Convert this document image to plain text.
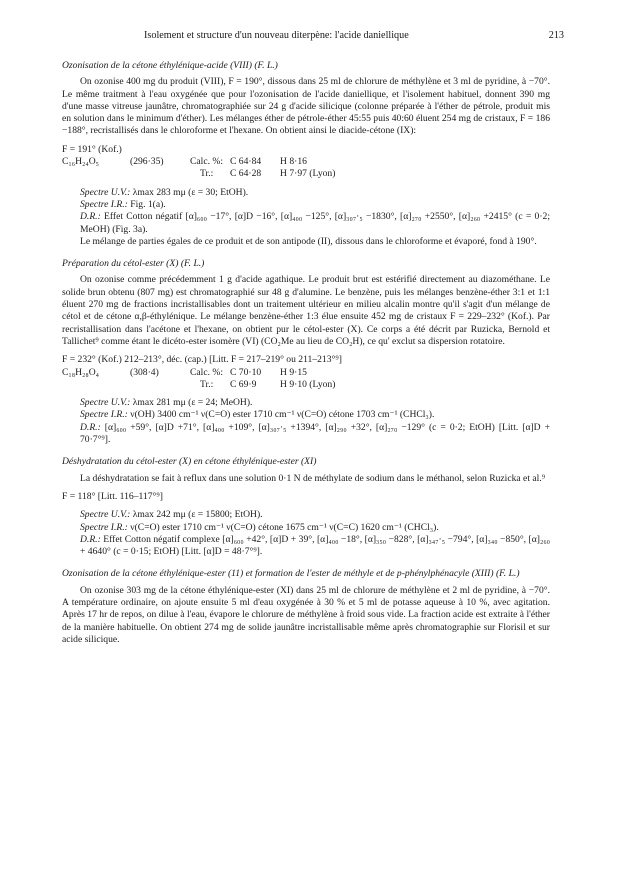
Isolement et structure d'un nouveau diterpène: l'acide daniellique	213
Ozonisation de la cétone éthylénique-acide (VIII) (F. L.)

On ozonise 400 mg du produit (VIII), F = 190°, dissous dans 25 ml de chlorure de méthylène et 3 ml de pyridine, à −70°. Le même traitment à l'eau oxygénée que pour l'ozonisation de l'acide daniellique, et l'isolement habituel, donnent 390 mg d'une masse vitreuse jaunâtre, chromatographiée sur 24 g d'acide silicique (colonne préparée à l'éther de pétrole, produit mis en solution dans le minimum d'éther). Les mélanges éther de pétrole-éther 45:55 puis 40:60 éluent 254 mg de cristaux, F = 186 −188°, recristallisés dans le chloroforme et l'hexane. On obtient ainsi le diacide-cétone (IX):

F = 191° (Kof.)
C₁₆H₂₄O₅	(296·35)	Calc. %: C 64·84	H 8·16
Tr.:	C 64·28	H 7·97 (Lyon)

Spectre U.V.: λmax 283 mμ (ε = 30; EtOH).

Spectre I.R.: Fig. 1(a).

D.R.: Effet Cotton négatif [α]₆₀₀ −17°, [α]D −16°, [α]₄₀₀ −125°, [α]₃₀₇·₅ −1830°, [α]₂₇₀ +2550°, [α]₂₆₀ +2415° (c = 0·2; MeOH) (Fig. 3a).

Le mélange de parties égales de ce produit et de son antipode (II), dissous dans le chloroforme et évaporé, fond à 190°.

Préparation du cétol-ester (X) (F. L.)

On ozonise comme précédemment 1 g d'acide agathique. Le produit brut est estérifié directement au diazométhane. Le solide brun obtenu (807 mg) est chromatographié sur 48 g d'alumine. Le benzène, puis les mélanges benzène-éther 3:1 et 1:1 éluent 270 mg de fractions incristallisables dont un traitement ultérieur en milieu alcalin montre qu'il s'agit d'un mélange de cétol et de cétone α,β-éthylénique. Le mélange benzène-éther 1:3 élue ensuite 452 mg de cristaux F = 229–232° (Kof.). Par recristallisation dans l'acétone et l'hexane, on obtient pur le cétol-ester (X). Ce corps a été décrit par Ruzicka, Bernold et Tallichet⁹ comme étant le dicéto-ester isomère (VI) (CO₂Me au lieu de CO₂H), ce qu' exclut sa dispersion rotatoire.

F = 232° (Kof.) 212–213°, déc. (cap.) [Litt. F = 217–219° ou 211–213°⁹]
C₁₈H₂₈O₄	(308·4)	Calc. %: C 70·10	H 9·15
Tr.:	C 69·9	H 9·10 (Lyon)

Spectre U.V.: λmax 281 mμ (ε = 24; MeOH).

Spectre I.R.: ν(OH) 3400 cm⁻¹ ν(C=O) ester 1710 cm⁻¹ ν(C=O) cétone 1703 cm⁻¹ (CHCl₃).

D.R.: [α]₆₀₀ +59°, [α]D +71°, [α]₄₀₀ +109°, [α]₃₀₇·₅ +1394°, [α]₂₉₀ +32°, [α]₂₇₀ −129° (c = 0·2; EtOH) [Litt. [α]D + 70·7°⁹].

Déshydratation du cétol-ester (X) en cétone éthylénique-ester (XI)

La déshydratation se fait à reflux dans une solution 0·1 N de méthylate de sodium dans le méthanol, selon Ruzicka et al.⁹

F = 118° [Litt. 116–117°⁹]

Spectre U.V.: λmax 242 mμ (ε = 15800; EtOH).

Spectre I.R.: ν(C=O) ester 1710 cm⁻¹ ν(C=O) cétone 1675 cm⁻¹ ν(C=C) 1620 cm⁻¹ (CHCl₃).

D.R.: Effet Cotton négatif complexe [α]₆₀₀ +42°, [α]D + 39°, [α]₄₀₀ −18°, [α]₃₅₀ −828°, [α]₃₄₇·₅ −794°, [α]₃₄₀ −850°, [α]₂₆₀ + 4640° (c = 0·15; EtOH) [Litt. [α]D = 48·7°⁹].

Ozonisation de la cétone éthylénique-ester (11) et formation de l'ester de méthyle et de p-phénylphénacyle (XIII) (F. L.)

On ozonise 303 mg de la cétone éthylénique-ester (XI) dans 25 ml de chlorure de méthylène et 2 ml de pyridine, à −70°. A température ordinaire, on ajoute ensuite 5 ml d'eau oxygénée à 30 % et 5 ml de potasse aqueuse à 10 %, avec agitation. Après 17 hr de repos, on dilue à l'eau, évapore le chlorure de méthylène à froid sous vide. La fraction acide est extraite à l'éther de la manière habituelle. On obtient 274 mg de solide jaunâtre incristallisable même après chromatographie sur Florisil et sur acide silicique.
